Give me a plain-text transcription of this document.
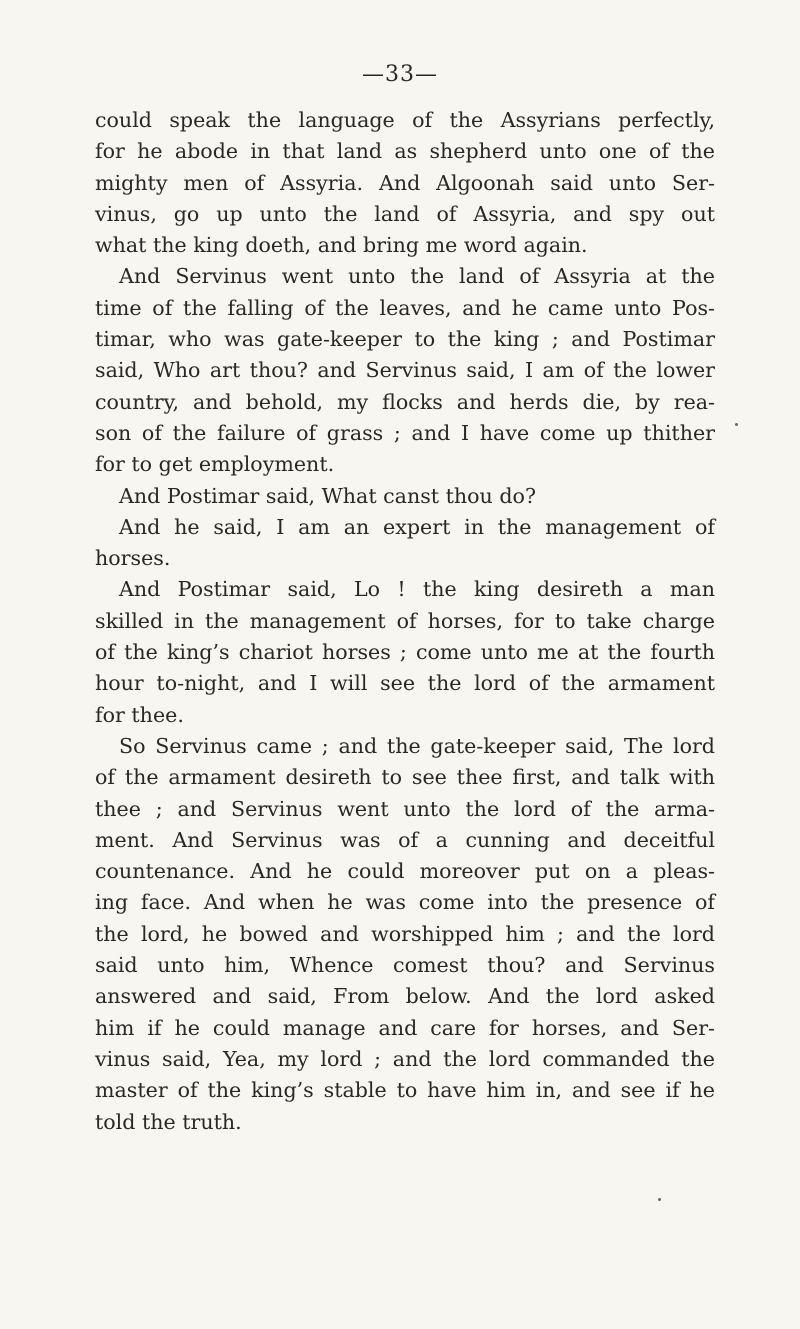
—33—
could speak the language of the Assyrians perfectly,
for he abode in that land as shepherd unto one of the
mighty men of Assyria. And Algoonah said unto Ser-
vinus, go up unto the land of Assyria, and spy out
what the king doeth, and bring me word again.
And Servinus went unto the land of Assyria at the
time of the falling of the leaves, and he came unto Pos-
timar, who was gate-keeper to the king ; and Postimar
said, Who art thou? and Servinus said, I am of the lower
country, and behold, my flocks and herds die, by rea-
son of the failure of grass ; and I have come up thither
for to get employment.
And Postimar said, What canst thou do?
And he said, I am an expert in the management of
horses.
And Postimar said, Lo ! the king desireth a man
skilled in the management of horses, for to take charge
of the king’s chariot horses ; come unto me at the fourth
hour to-night, and I will see the lord of the armament
for thee.
So Servinus came ; and the gate-keeper said, The lord
of the armament desireth to see thee first, and talk with
thee ; and Servinus went unto the lord of the arma-
ment. And Servinus was of a cunning and deceitful
countenance. And he could moreover put on a pleas-
ing face. And when he was come into the presence of
the lord, he bowed and worshipped him ; and the lord
said unto him, Whence comest thou? and Servinus
answered and said, From below. And the lord asked
him if he could manage and care for horses, and Ser-
vinus said, Yea, my lord ; and the lord commanded the
master of the king’s stable to have him in, and see if he
told the truth.
